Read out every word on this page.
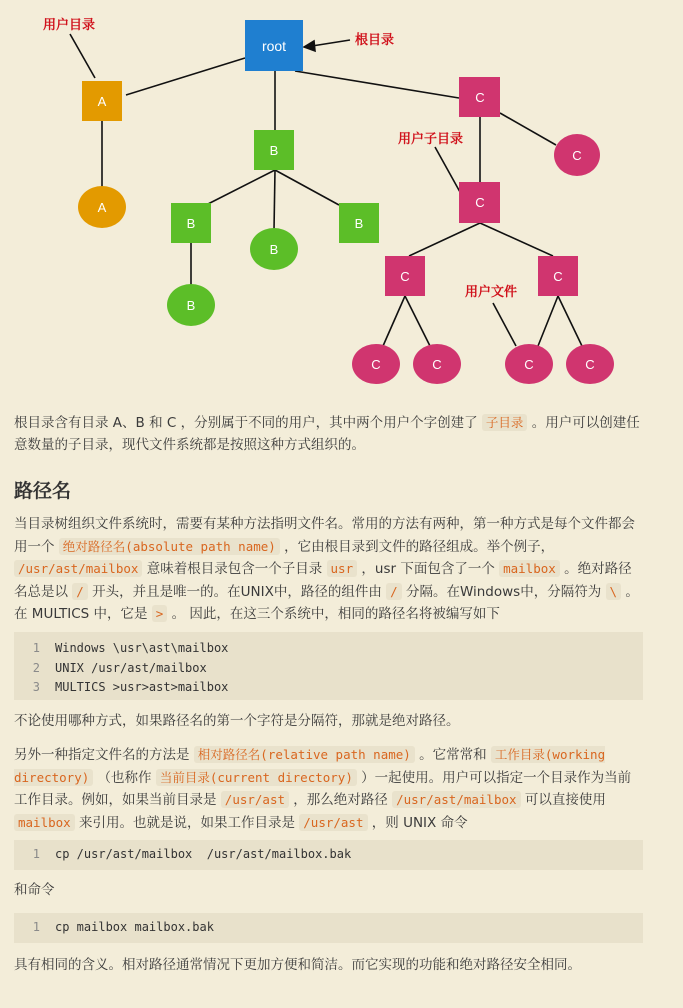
root
A
A
B
B	B
B
B
C
C
C
C	C
C	C	C	C
用户目录
根目录
用户子目录
用户文件

根目录含有目录 A、B 和 C ，分别属于不同的用户，其中两个用户个字创建了 子目录 。用户可以创建任意数量的子目录，现代文件系统都是按照这种方式组织的。

路径名

当目录树组织文件系统时，需要有某种方法指明文件名。常用的方法有两种，第一种方式是每个文件都会用一个 绝对路径名(absolute path name) ，它由根目录到文件的路径组成。举个例子， /usr/ast/mailbox 意味着根目录包含一个子目录 usr ，usr 下面包含了一个 mailbox 。绝对路径名总是以 / 开头，并且是唯一的。在UNIX中，路径的组件由 / 分隔。在Windows中，分隔符为 \ 。 在 MULTICS 中，它是 > 。 因此，在这三个系统中，相同的路径名将被编写如下

1 Windows \usr\ast\mailbox
2 UNIX /usr/ast/mailbox
3 MULTICS >usr>ast>mailbox

不论使用哪种方式，如果路径名的第一个字符是分隔符，那就是绝对路径。

另外一种指定文件名的方法是 相对路径名(relative path name) 。它常常和 工作目录(working directory) （也称作 当前目录(current directory) ）一起使用。用户可以指定一个目录作为当前工作目录。例如，如果当前目录是 /usr/ast ，那么绝对路径 /usr/ast/mailbox 可以直接使用 mailbox 来引用。也就是说，如果工作目录是 /usr/ast ，则 UNIX 命令

1 cp /usr/ast/mailbox  /usr/ast/mailbox.bak

和命令

1 cp mailbox mailbox.bak

具有相同的含义。相对路径通常情况下更加方便和简洁。而它实现的功能和绝对路径安全相同。
